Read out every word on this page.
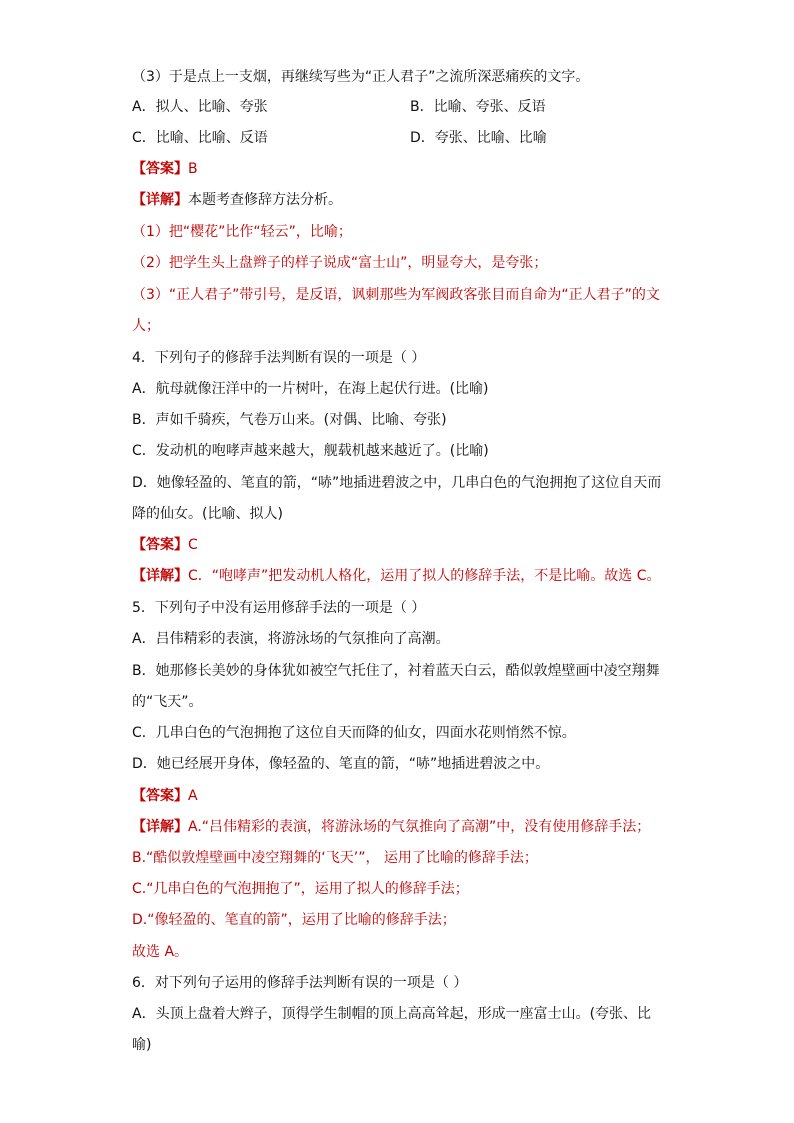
（3）于是点上一支烟，再继续写些为“正人君子”之流所深恶痛疾的文字。
A．拟人、比喻、夸张	B．比喻、夸张、反语
C．比喻、比喻、反语	D．夸张、比喻、比喻
【答案】B
【详解】本题考查修辞方法分析。
（1）把“樱花”比作“轻云”，比喻；
（2）把学生头上盘辫子的样子说成“富士山”，明显夸大，是夸张；
（3）“正人君子”带引号，是反语，讽刺那些为军阀政客张目而自命为“正人君子”的文
人；
4．下列句子的修辞手法判断有误的一项是（ ）
A．航母就像汪洋中的一片树叶，在海上起伏行进。(比喻)
B．声如千骑疾，气卷万山来。(对偶、比喻、夸张)
C．发动机的咆哮声越来越大，舰载机越来越近了。(比喻)
D．她像轻盈的、笔直的箭，“哧”地插进碧波之中，几串白色的气泡拥抱了这位自天而
降的仙女。(比喻、拟人)
【答案】C
【详解】C．“咆哮声”把发动机人格化，运用了拟人的修辞手法，不是比喻。故选 C。
5．下列句子中没有运用修辞手法的一项是（ ）
A．吕伟精彩的表演，将游泳场的气氛推向了高潮。
B．她那修长美妙的身体犹如被空气托住了，衬着蓝天白云，酷似敦煌壁画中凌空翔舞
的“飞天”。
C．几串白色的气泡拥抱了这位自天而降的仙女，四面水花则悄然不惊。
D．她已经展开身体，像轻盈的、笔直的箭，“哧”地插进碧波之中。
【答案】A
【详解】A.“吕伟精彩的表演，将游泳场的气氛推向了高潮”中，没有使用修辞手法；
B.“酷似敦煌壁画中凌空翔舞的‘飞天’”， 运用了比喻的修辞手法；
C.“几串白色的气泡拥抱了”，运用了拟人的修辞手法；
D.“像轻盈的、笔直的箭”，运用了比喻的修辞手法；
故选 A。
6．对下列句子运用的修辞手法判断有误的一项是（ ）
A．头顶上盘着大辫子，顶得学生制帽的顶上高高耸起，形成一座富士山。(夸张、比
喻)
